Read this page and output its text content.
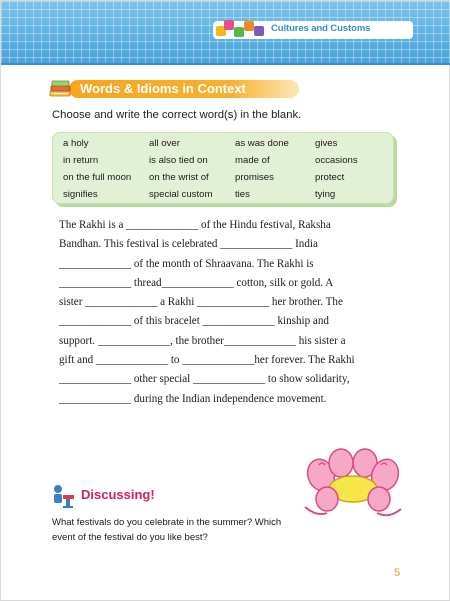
Cultures and Customs
Words & Idioms in Context
Choose and write the correct word(s) in the blank.
a holy
in return
on the full moon
signifies
all over
is also tied on
on the wrist of
special custom
as was done
made of
promises
ties
gives
occasions
protect
tying
The Rakhi is a _____________ of the Hindu festival, Raksha
Bandhan. This festival is celebrated _____________ India
_____________ of the month of Shraavana. The Rakhi is
_____________ thread_____________ cotton, silk or gold. A
sister _____________ a Rakhi _____________ her brother. The
_____________ of this bracelet _____________ kinship and
support. _____________, the brother_____________ his sister a
gift and _____________ to _____________her forever. The Rakhi
_____________ other special _____________ to show solidarity,
_____________ during the Indian independence movement.
Discussing!
What festivals do you celebrate in the summer? Which
event of the festival do you like best?
5
